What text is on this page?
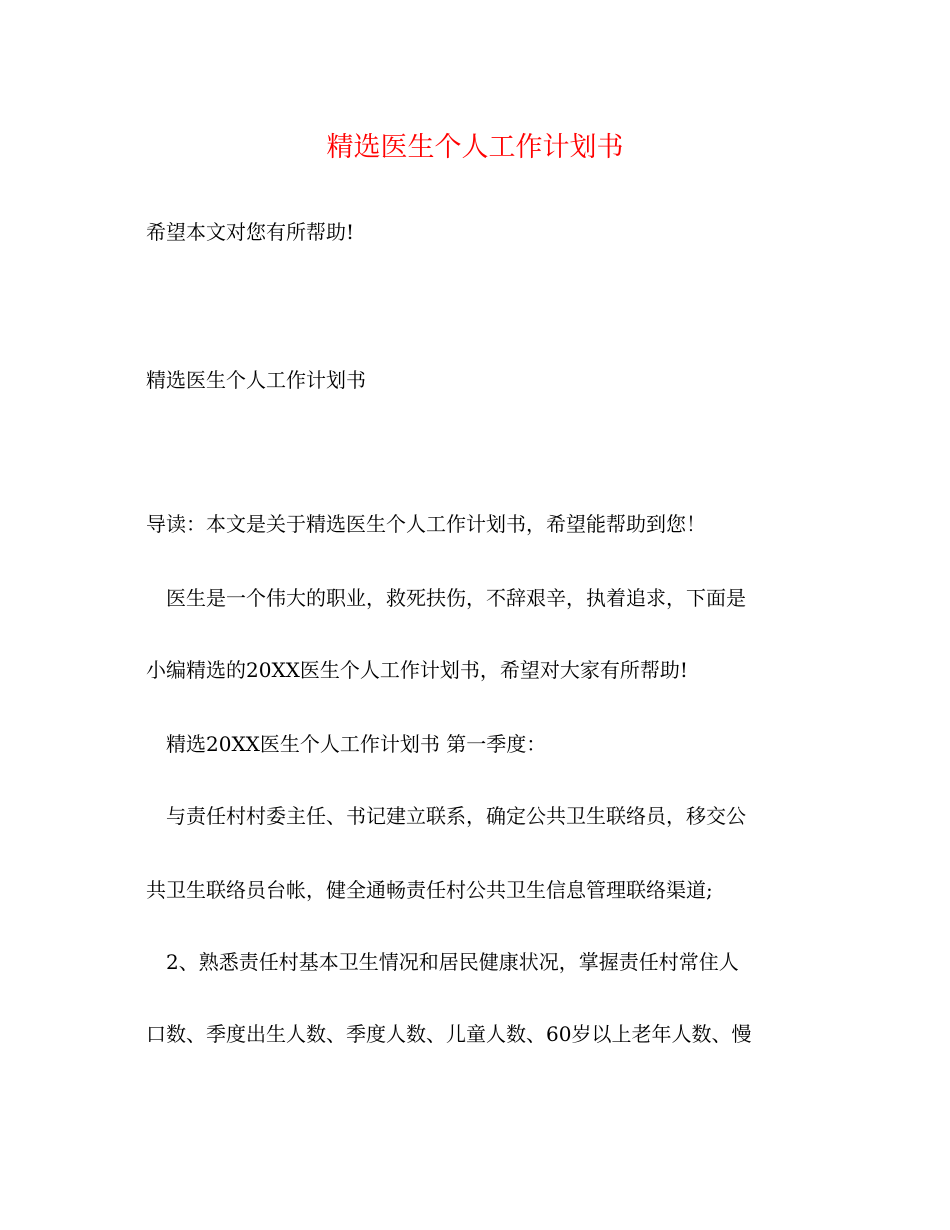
精选医生个人工作计划书
希望本文对您有所帮助!
精选医生个人工作计划书
导读：本文是关于精选医生个人工作计划书，希望能帮助到您！
医生是一个伟大的职业，救死扶伤，不辞艰辛，执着追求，下面是
小编精选的20XX医生个人工作计划书，希望对大家有所帮助!
精选20XX医生个人工作计划书 第一季度：
与责任村村委主任、书记建立联系，确定公共卫生联络员，移交公
共卫生联络员台帐，健全通畅责任村公共卫生信息管理联络渠道;
2、熟悉责任村基本卫生情况和居民健康状况，掌握责任村常住人
口数、季度出生人数、季度人数、儿童人数、60岁以上老年人数、慢
